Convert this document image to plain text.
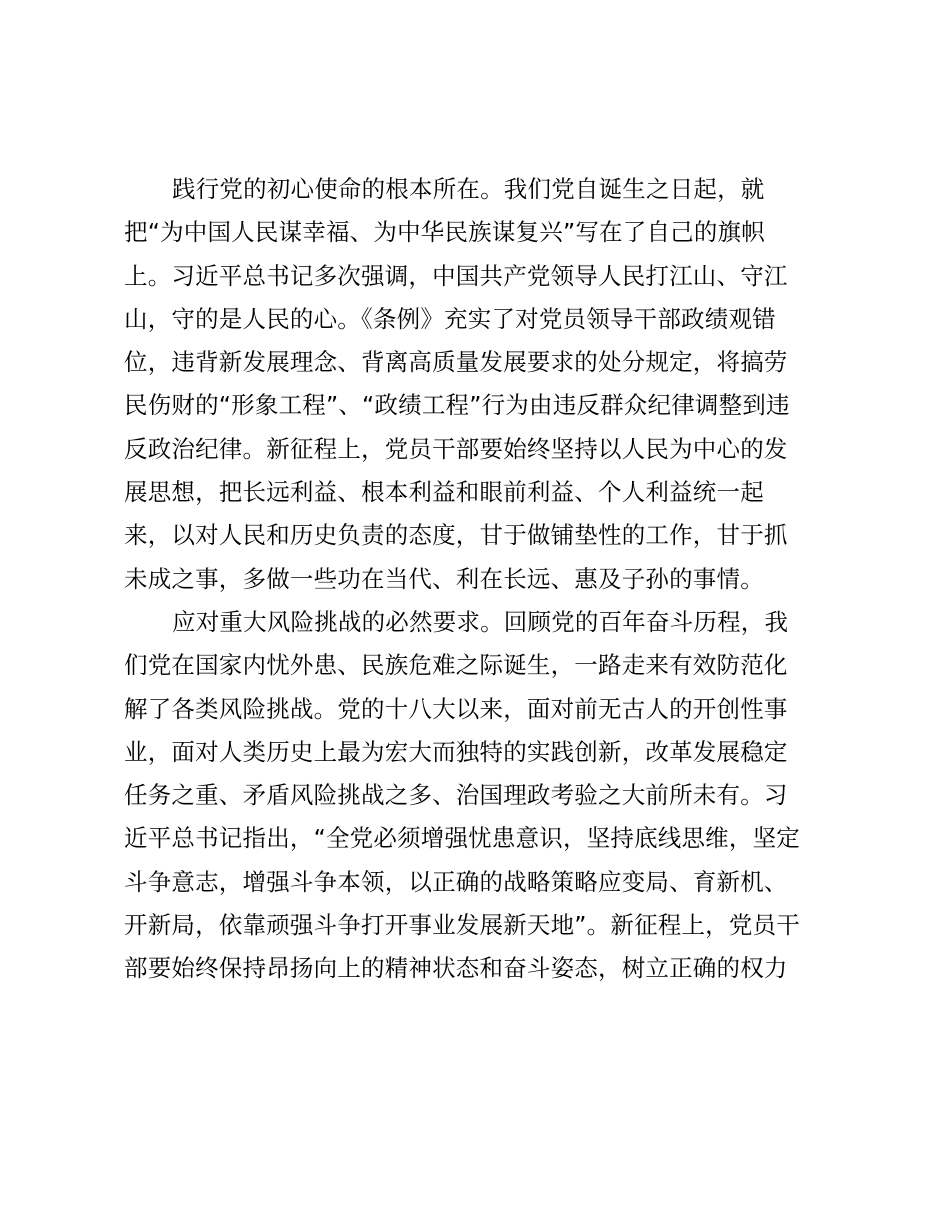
践行党的初心使命的根本所在。我们党自诞生之日起，就
把“为中国人民谋幸福、为中华民族谋复兴”写在了自己的旗帜
上。习近平总书记多次强调，中国共产党领导人民打江山、守江
山，守的是人民的心。《条例》充实了对党员领导干部政绩观错
位，违背新发展理念、背离高质量发展要求的处分规定，将搞劳
民伤财的“形象工程”、“政绩工程”行为由违反群众纪律调整到违
反政治纪律。新征程上，党员干部要始终坚持以人民为中心的发
展思想，把长远利益、根本利益和眼前利益、个人利益统一起
来，以对人民和历史负责的态度，甘于做铺垫性的工作，甘于抓
未成之事，多做一些功在当代、利在长远、惠及子孙的事情。
应对重大风险挑战的必然要求。回顾党的百年奋斗历程，我
们党在国家内忧外患、民族危难之际诞生，一路走来有效防范化
解了各类风险挑战。党的十八大以来，面对前无古人的开创性事
业，面对人类历史上最为宏大而独特的实践创新，改革发展稳定
任务之重、矛盾风险挑战之多、治国理政考验之大前所未有。习
近平总书记指出，“全党必须增强忧患意识，坚持底线思维，坚定
斗争意志，增强斗争本领，以正确的战略策略应变局、育新机、
开新局，依靠顽强斗争打开事业发展新天地”。新征程上，党员干
部要始终保持昂扬向上的精神状态和奋斗姿态，树立正确的权力
